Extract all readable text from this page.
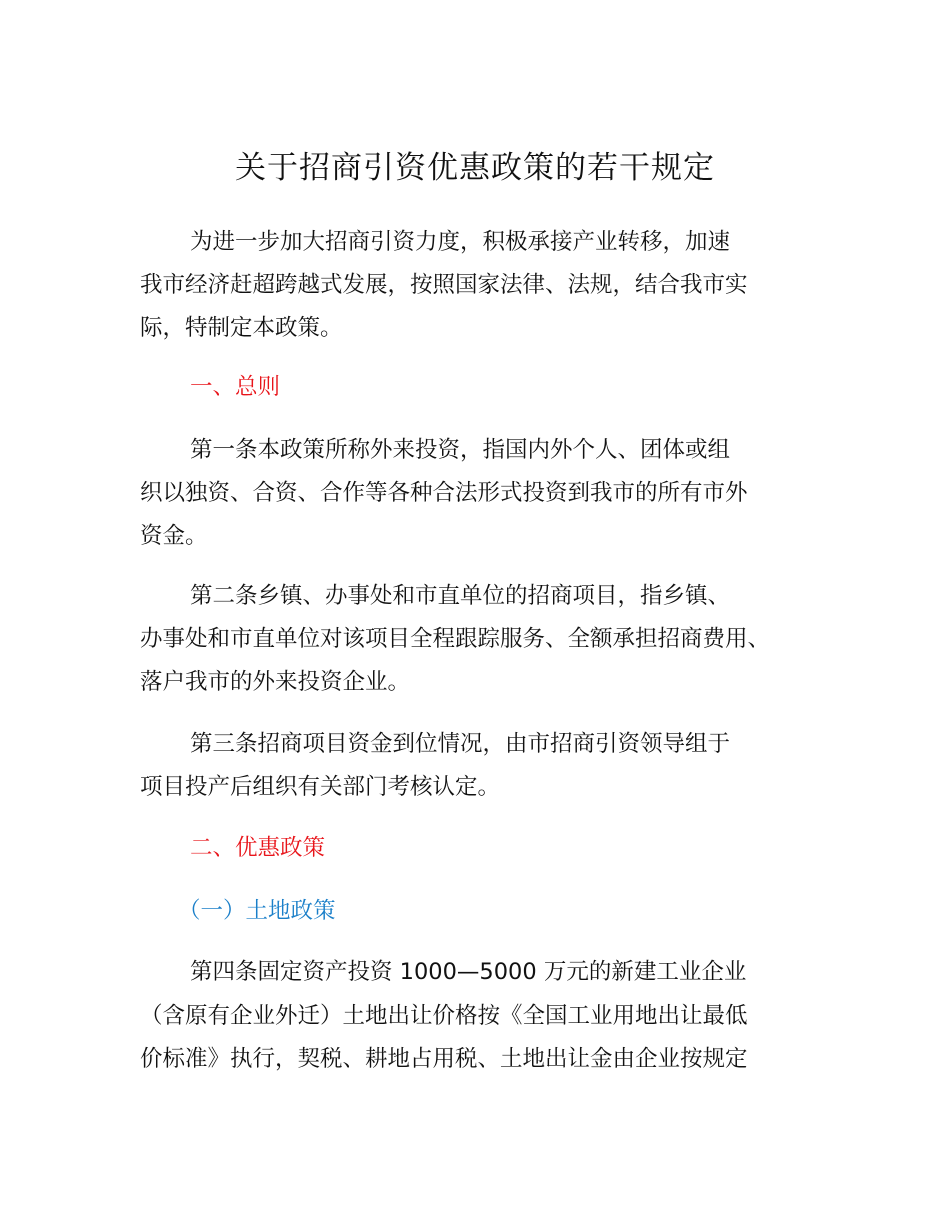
关于招商引资优惠政策的若干规定

为进一步加大招商引资力度，积极承接产业转移，加速

我市经济赶超跨越式发展，按照国家法律、法规，结合我市实

际，特制定本政策。

一、总则

第一条本政策所称外来投资，指国内外个人、团体或组

织以独资、合资、合作等各种合法形式投资到我市的所有市外

资金。

第二条乡镇、办事处和市直单位的招商项目，指乡镇、

办事处和市直单位对该项目全程跟踪服务、全额承担招商费用、

落户我市的外来投资企业。

第三条招商项目资金到位情况，由市招商引资领导组于

项目投产后组织有关部门考核认定。

二、优惠政策

（一）土地政策

第四条固定资产投资 1000—5000 万元的新建工业企业

（含原有企业外迁）土地出让价格按《全国工业用地出让最低

价标准》执行，契税、耕地占用税、土地出让金由企业按规定
